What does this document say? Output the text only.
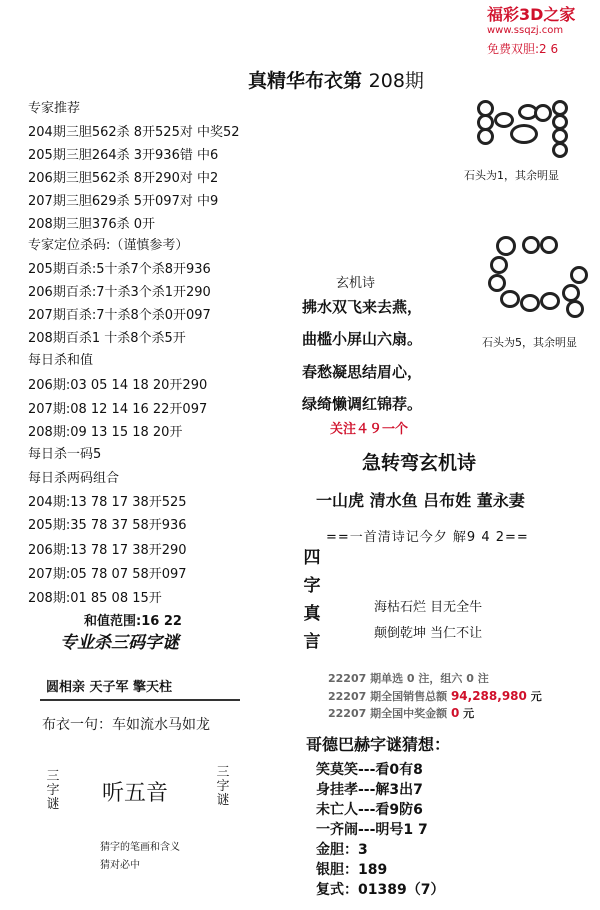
福彩3D之家
www.ssqzj.com
免费双胆:2 6
真精华布衣第 208期
专家推荐
204期三胆562杀 8开525对 中奖52
205期三胆264杀 3开936错 中6
206期三胆562杀 8开290对 中2
207期三胆629杀 5开097对 中9
208期三胆376杀 0开
专家定位杀码:（谨慎参考）
205期百杀:5十杀7个杀8开936
206期百杀:7十杀3个杀1开290
207期百杀:7十杀8个杀0开097
208期百杀1 十杀8个杀5开
每日杀和值
206期:03 05 14 18 20开290
207期:08 12 14 16 22开097
208期:09 13 15 18 20开
每日杀一码5
每日杀两码组合
204期:13 78 17 38开525
205期:35 78 37 58开936
206期:13 78 17 38开290
207期:05 78 07 58开097
208期:01 85 08 15开
和值范围:16 22
专业杀三码字谜
圆相亲 天子军 擎天柱
布衣一句：车如流水马如龙
三字谜 听五音
三字谜
猜字的笔画和含义
猜对必中
石头为1，其余明显
石头为5，其余明显
玄机诗
拂水双飞来去燕，
曲槛小屏山六扇。
春愁凝思结眉心，
绿绮懒调红锦荐。
关注４９一个
急转弯玄机诗
一山虎 清水鱼 吕布姓 董永妻
==一首清诗记今夕 解9 4 2==
四字真言
海枯石烂 目无全牛
颠倒乾坤 当仁不让
22207 期单选 0 注，组六 0 注
22207 期全国销售总额 94,288,980 元
22207 期全国中奖金额 0 元
哥德巴赫字谜猜想：
笑莫笑---看0有8
身挂孝---解3出7
未亡人---看9防6
一齐闹---明号1 7
金胆：3
银胆：189
复式：01389（7）
